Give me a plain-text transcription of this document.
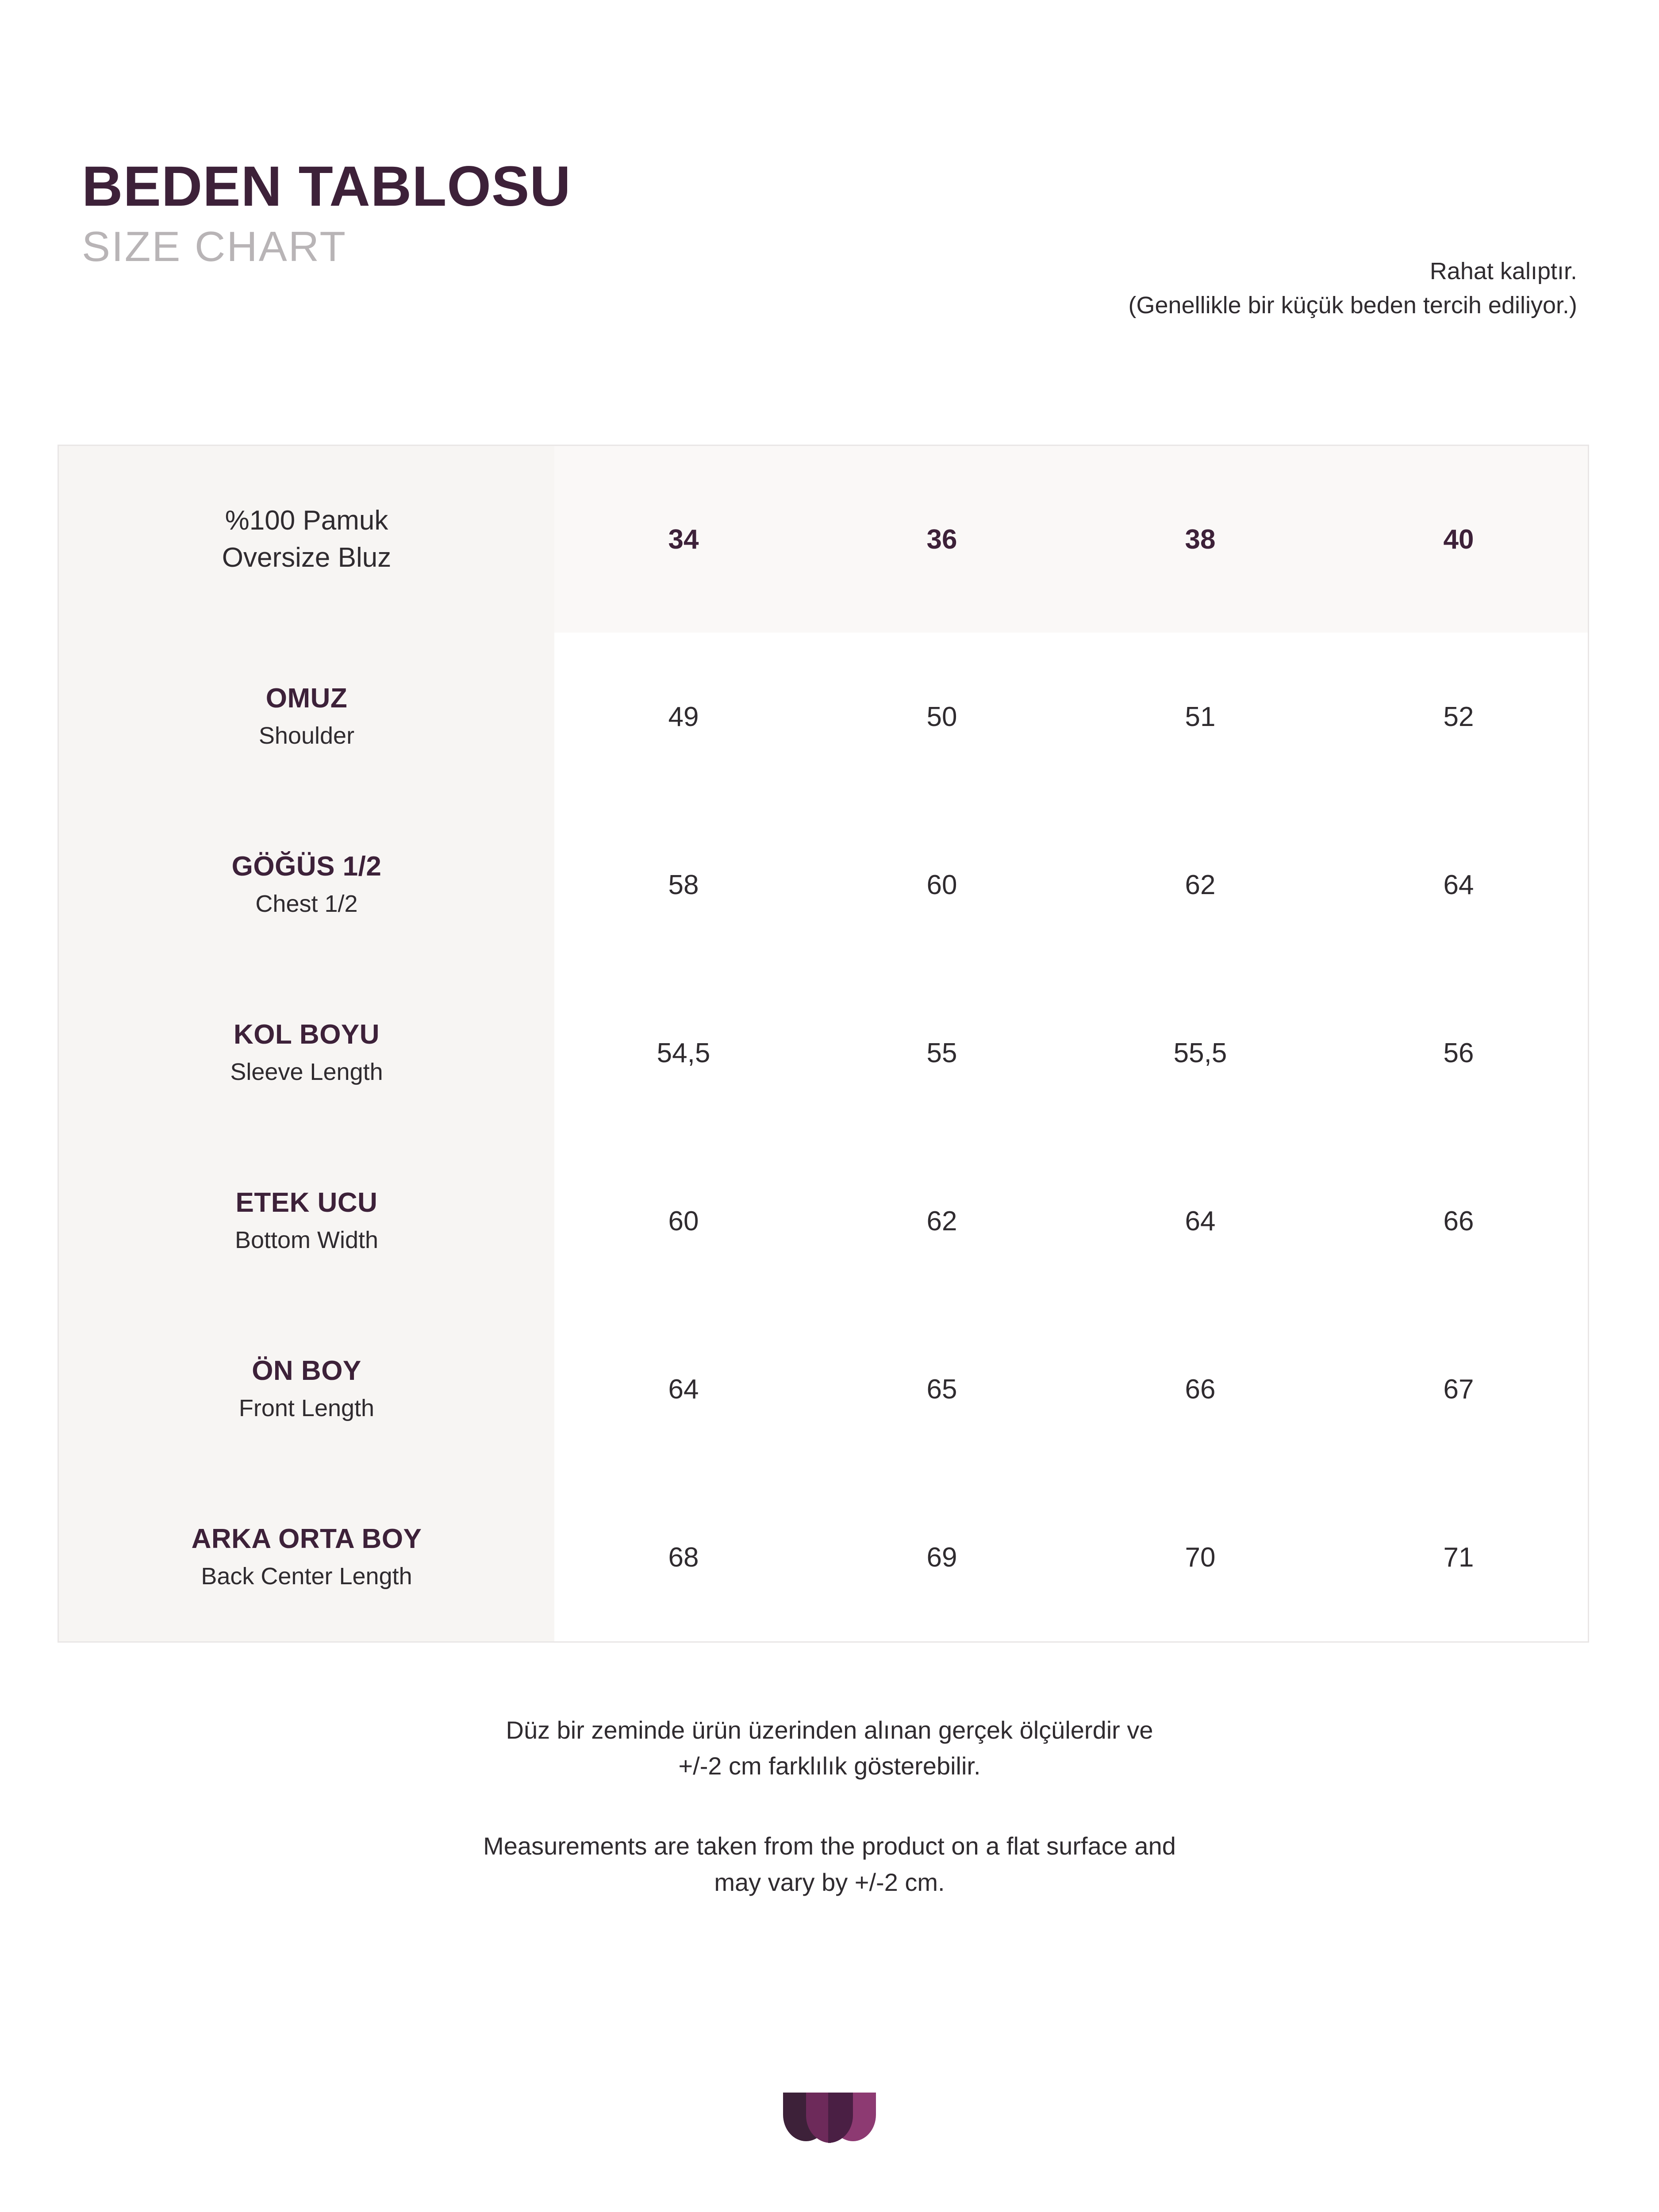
BEDEN TABLOSU
SIZE CHART
Rahat kalıptır.
(Genellikle bir küçük beden tercih ediliyor.)
%100 Pamuk
Oversize Bluz	34	36	38	40

OMUZ
Shoulder	49	50	51	52

GÖĞÜS 1/2
Chest 1/2	58	60	62	64

KOL BOYU
Sleeve Length	54,5	55	55,5	56

ETEK UCU
Bottom Width	60	62	64	66

ÖN BOY
Front Length	64	65	66	67

ARKA ORTA BOY
Back Center Length	68	69	70	71
Düz bir zeminde ürün üzerinden alınan gerçek ölçülerdir ve
+/-2 cm farklılık gösterebilir.
Measurements are taken from the product on a flat surface and
may vary by +/-2 cm.
